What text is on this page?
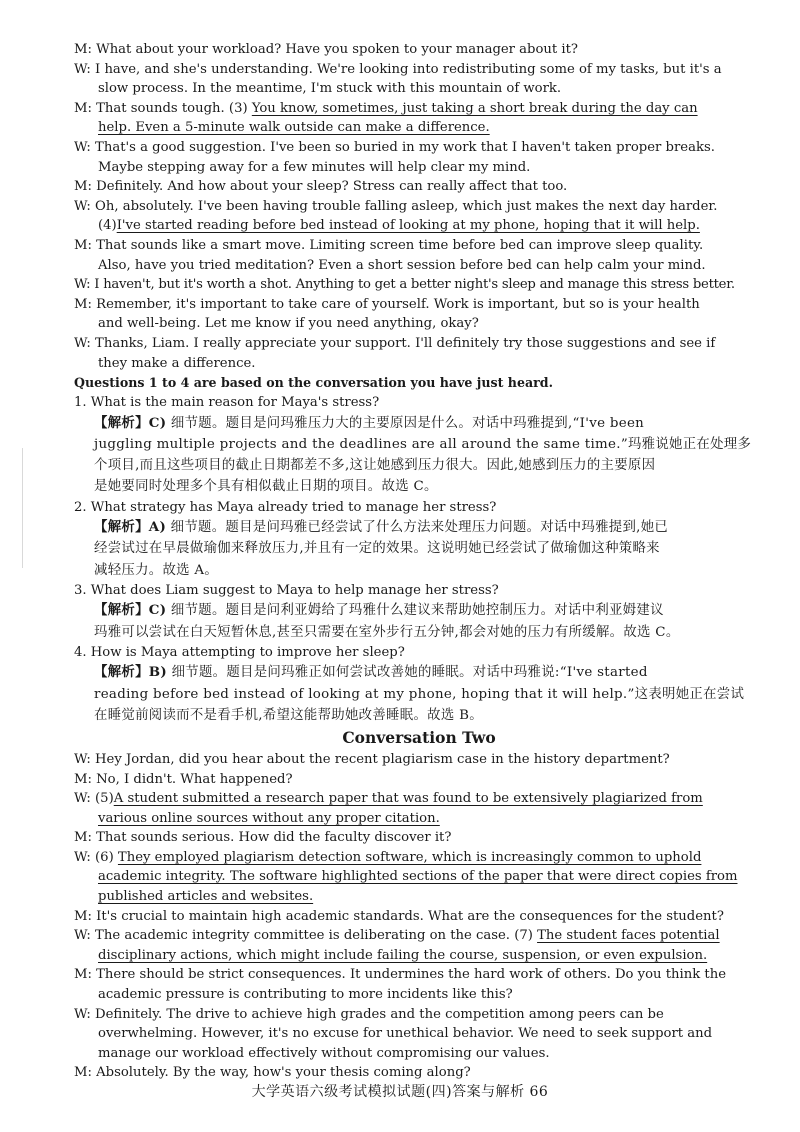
M: What about your workload? Have you spoken to your manager about it?
W: I have, and she's understanding. We're looking into redistributing some of my tasks, but it's a
slow process. In the meantime, I'm stuck with this mountain of work.
M: That sounds tough. (3) You know, sometimes, just taking a short break during the day can
help. Even a 5-minute walk outside can make a difference.
W: That's a good suggestion. I've been so buried in my work that I haven't taken proper breaks.
Maybe stepping away for a few minutes will help clear my mind.
M: Definitely. And how about your sleep? Stress can really affect that too.
W: Oh, absolutely. I've been having trouble falling asleep, which just makes the next day harder.
(4)I've started reading before bed instead of looking at my phone, hoping that it will help.
M: That sounds like a smart move. Limiting screen time before bed can improve sleep quality.
Also, have you tried meditation? Even a short session before bed can help calm your mind.
W: I haven't, but it's worth a shot. Anything to get a better night's sleep and manage this stress better.
M: Remember, it's important to take care of yourself. Work is important, but so is your health
and well-being. Let me know if you need anything, okay?
W: Thanks, Liam. I really appreciate your support. I'll definitely try those suggestions and see if
they make a difference.
Questions 1 to 4 are based on the conversation you have just heard.
1. What is the main reason for Maya's stress?
【解析】C) 细节题。题目是问玛雅压力大的主要原因是什么。对话中玛雅提到,“I've been
juggling multiple projects and the deadlines are all around the same time.”玛雅说她正在处理多
个项目,而且这些项目的截止日期都差不多,这让她感到压力很大。因此,她感到压力的主要原因
是她要同时处理多个具有相似截止日期的项目。故选 C。
2. What strategy has Maya already tried to manage her stress?
【解析】A) 细节题。题目是问玛雅已经尝试了什么方法来处理压力问题。对话中玛雅提到,她已
经尝试过在早晨做瑜伽来释放压力,并且有一定的效果。这说明她已经尝试了做瑜伽这种策略来
减轻压力。故选 A。
3. What does Liam suggest to Maya to help manage her stress?
【解析】C) 细节题。题目是问利亚姆给了玛雅什么建议来帮助她控制压力。对话中利亚姆建议
玛雅可以尝试在白天短暂休息,甚至只需要在室外步行五分钟,都会对她的压力有所缓解。故选 C。
4. How is Maya attempting to improve her sleep?
【解析】B) 细节题。题目是问玛雅正如何尝试改善她的睡眠。对话中玛雅说:“I've started
reading before bed instead of looking at my phone, hoping that it will help.”这表明她正在尝试
在睡觉前阅读而不是看手机,希望这能帮助她改善睡眠。故选 B。
Conversation Two
W: Hey Jordan, did you hear about the recent plagiarism case in the history department?
M: No, I didn't. What happened?
W: (5)A student submitted a research paper that was found to be extensively plagiarized from
various online sources without any proper citation.
M: That sounds serious. How did the faculty discover it?
W: (6) They employed plagiarism detection software, which is increasingly common to uphold
academic integrity. The software highlighted sections of the paper that were direct copies from
published articles and websites.
M: It's crucial to maintain high academic standards. What are the consequences for the student?
W: The academic integrity committee is deliberating on the case. (7) The student faces potential
disciplinary actions, which might include failing the course, suspension, or even expulsion.
M: There should be strict consequences. It undermines the hard work of others. Do you think the
academic pressure is contributing to more incidents like this?
W: Definitely. The drive to achieve high grades and the competition among peers can be
overwhelming. However, it's no excuse for unethical behavior. We need to seek support and
manage our workload effectively without compromising our values.
M: Absolutely. By the way, how's your thesis coming along?
大学英语六级考试模拟试题(四)答案与解析 66
